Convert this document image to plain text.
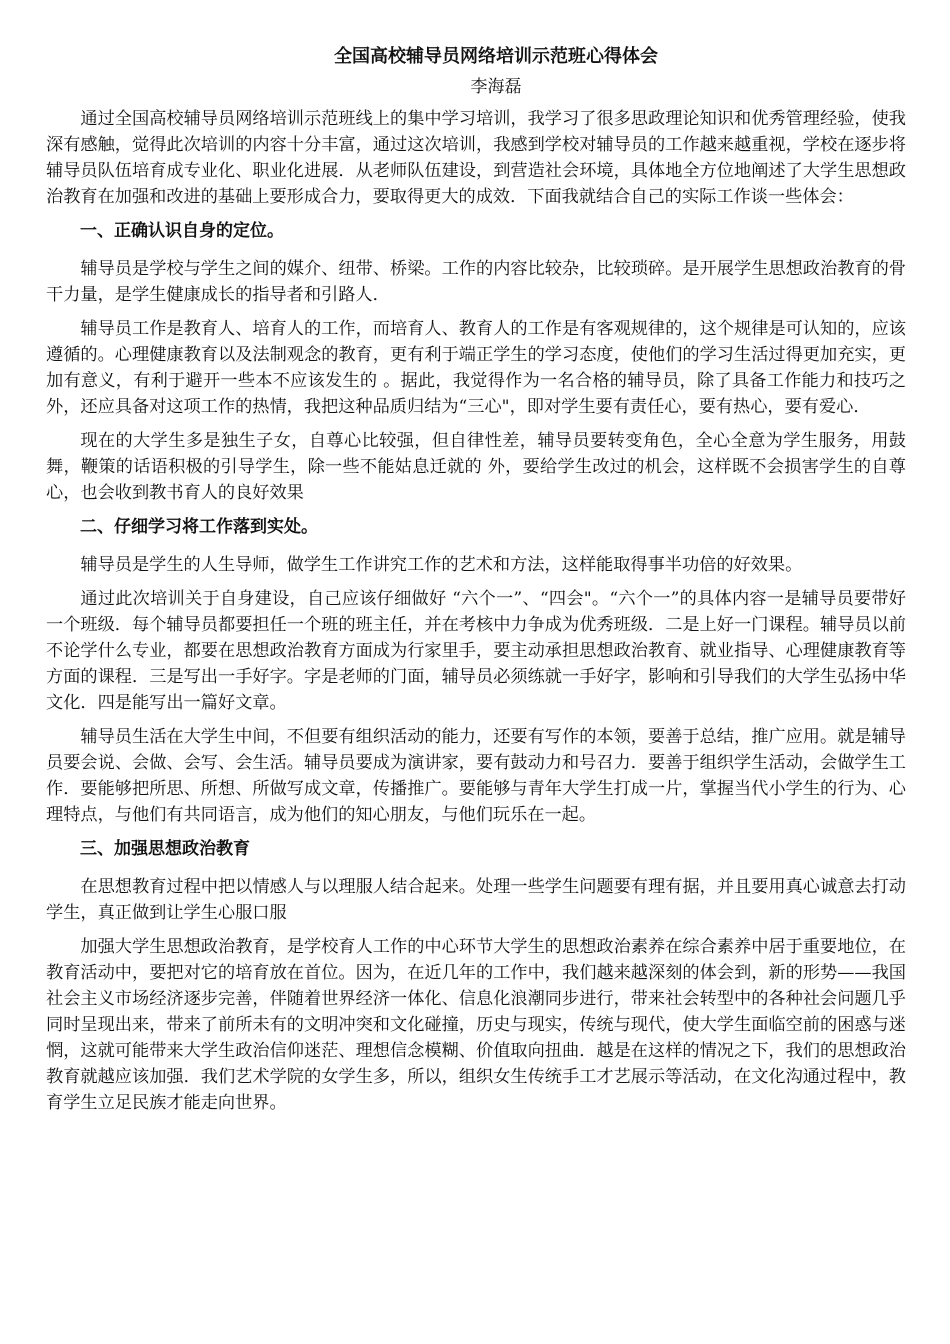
全国高校辅导员网络培训示范班心得体会
李海磊

通过全国高校辅导员网络培训示范班线上的集中学习培训，我学习了很多思政理论知识和优秀管理经验，使我深有感触，觉得此次培训的内容十分丰富，通过这次培训，我感到学校对辅导员的工作越来越重视，学校在逐步将辅导员队伍培育成专业化、职业化进展．从老师队伍建设，到营造社会环境，具体地全方位地阐述了大学生思想政治教育在加强和改进的基础上要形成合力，要取得更大的成效．下面我就结合自己的实际工作谈一些体会：

一、正确认识自身的定位。

辅导员是学校与学生之间的媒介、纽带、桥梁。工作的内容比较杂，比较琐碎。是开展学生思想政治教育的骨干力量，是学生健康成长的指导者和引路人．

辅导员工作是教育人、培育人的工作，而培育人、教育人的工作是有客观规律的，这个规律是可认知的，应该遵循的。心理健康教育以及法制观念的教育，更有利于端正学生的学习态度，使他们的学习生活过得更加充实，更加有意义，有利于避开一些本不应该发生的 。据此，我觉得作为一名合格的辅导员，除了具备工作能力和技巧之外，还应具备对这项工作的热情，我把这种品质归结为“三心"，即对学生要有责任心，要有热心，要有爱心．

现在的大学生多是独生子女，自尊心比较强，但自律性差，辅导员要转变角色，全心全意为学生服务，用鼓舞，鞭策的话语积极的引导学生，除一些不能姑息迁就的 外，要给学生改过的机会，这样既不会损害学生的自尊心，也会收到教书育人的良好效果

二、仔细学习将工作落到实处。

辅导员是学生的人生导师，做学生工作讲究工作的艺术和方法，这样能取得事半功倍的好效果。

通过此次培训关于自身建设，自己应该仔细做好 “六个一”、“四会"。“六个一”的具体内容一是辅导员要带好一个班级．每个辅导员都要担任一个班的班主任，并在考核中力争成为优秀班级．二是上好一门课程。辅导员以前不论学什么专业，都要在思想政治教育方面成为行家里手，要主动承担思想政治教育、就业指导、心理健康教育等方面的课程．三是写出一手好字。字是老师的门面，辅导员必须练就一手好字，影响和引导我们的大学生弘扬中华文化．四是能写出一篇好文章。

辅导员生活在大学生中间，不但要有组织活动的能力，还要有写作的本领，要善于总结，推广应用。就是辅导员要会说、会做、会写、会生活。辅导员要成为演讲家，要有鼓动力和号召力．要善于组织学生活动，会做学生工作．要能够把所思、所想、所做写成文章，传播推广。要能够与青年大学生打成一片，掌握当代小学生的行为、心理特点，与他们有共同语言，成为他们的知心朋友，与他们玩乐在一起。

三、加强思想政治教育

在思想教育过程中把以情感人与以理服人结合起来。处理一些学生问题要有理有据，并且要用真心诚意去打动学生，真正做到让学生心服口服

加强大学生思想政治教育，是学校育人工作的中心环节大学生的思想政治素养在综合素养中居于重要地位，在教育活动中，要把对它的培育放在首位。因为，在近几年的工作中，我们越来越深刻的体会到，新的形势——我国社会主义市场经济逐步完善，伴随着世界经济一体化、信息化浪潮同步进行，带来社会转型中的各种社会问题几乎同时呈现出来，带来了前所未有的文明冲突和文化碰撞，历史与现实，传统与现代，使大学生面临空前的困惑与迷惘，这就可能带来大学生政治信仰迷茫、理想信念模糊、价值取向扭曲．越是在这样的情况之下，我们的思想政治教育就越应该加强．我们艺术学院的女学生多，所以，组织女生传统手工才艺展示等活动，在文化沟通过程中，教育学生立足民族才能走向世界。
